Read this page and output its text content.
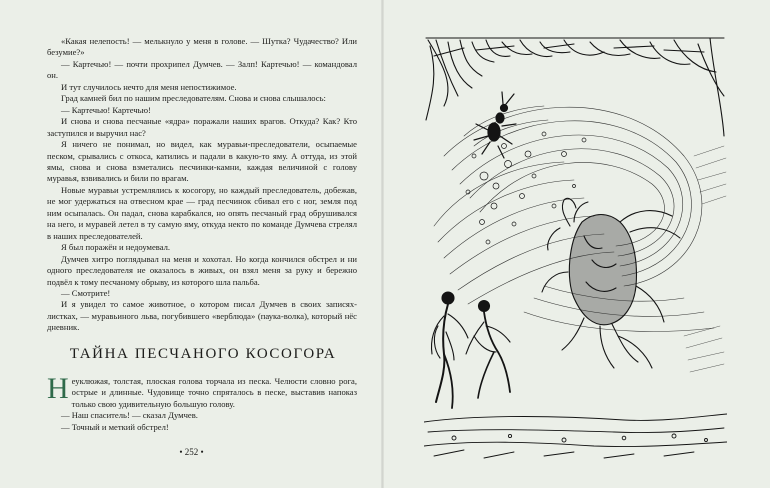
«Какая нелепость! — мелькнуло у меня в голове. — Шутка? Чудачество? Или безумие?»

— Картечью! — почти прохрипел Думчев. — Залп! Картечью! — командовал он.

И тут случилось нечто для меня непостижимое.

Град камней бил по нашим преследователям. Снова и снова слышалось:

— Картечью! Картечью!

И снова и снова песчаные «ядра» поражали наших врагов. Откуда? Как? Кто заступился и выручил нас?

Я ничего не понимал, но видел, как муравьи-преследователи, осыпаемые песком, срывались с откоса, катились и падали в какую-то яму. А оттуда, из этой ямы, снова и снова взметались песчинки-камни, каждая величиной с голову муравья, взвивались и били по врагам.

Новые муравьи устремлялись к косогору, но каждый преследователь, добежав, не мог удержаться на отвесном крае — град песчинок сбивал его с ног, земля под ним осыпалась. Он падал, снова карабкался, но опять песчаный град обрушивался на него, и муравей летел в ту самую яму, откуда некто по команде Думчева стрелял в наших преследователей.

Я был поражён и недоумевал.

Думчев хитро поглядывал на меня и хохотал. Но когда кончился обстрел и ни одного преследователя не оказалось в живых, он взял меня за руку и бережно подвёл к тому песчаному обрыву, из которого шла пальба.

— Смотрите!

И я увидел то самое животное, о котором писал Думчев в своих записях-листках, — муравьиного льва, погубившего «верблюда» (паука-волка), который нёс дневник.

ТАЙНА ПЕСЧАНОГО КОСОГОРА

Неуклюжая, толстая, плоская голова торчала из песка. Челюсти словно рога, острые и длинные. Чудовище точно спряталось в песке, выставив напоказ только свою удивительную большую голову.

— Наш спаситель! — сказал Думчев.

— Точный и меткий обстрел!

• 252 •
